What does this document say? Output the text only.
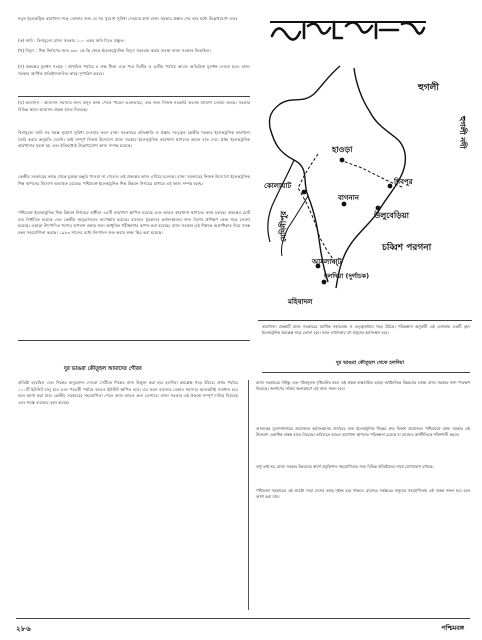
নতুন ইলেকট্রিক কারখানা গড়ে তোলার জন্য যে সব সুযোগ সুবিধা দেওয়ার কথা রাজ্য সরকার প্রস্তাব দেয় তার মধ্যে উল্লেখযোগ্য হলঃ
(ক) জমি : বিনামূল্যে রাজ্য সরকার ১০০ একর জমি দিতে প্রস্তুত।
(খ) বিদ্যুৎ : শিল্প নির্মাণের জন্য ৩৩০ কে ভি থেকে ইলেকট্রোনিক বিদ্যুৎ সরবরাহ করার ব্যবস্থা রাজ্য সরকার নিয়েছিল।
(গ) প্রকল্পের মূলধন সংগ্রহ : প্রাথমিক পর্যায়ে ৫ লক্ষ টাকা এবং পরে দ্বিতীয় ও তৃতীয় পর্যায়ে আরও অতিরিক্ত মূলধন দেওয়া হবে। রাজ্য সরকার আর্থিক প্রতিষ্ঠানগুলির কাছে সুপারিশ করবে।
পদ্মপুর পথ
হুগলী
হাওড়া
কোলাঘাট
বাগনান
শিবপুর
উলুবেড়িয়া
আমলাঘাট
হলদিয়া (দুর্গাচক)
মহিষাদল
চব্বিশ পরগনা
মেদিনীপুর
হুগলী নদী
(ঘ) আবাসন : আবাসন সমস্যার জন্য মানুষ কাজ পেতে পারেন এমনভাবে, তার জন্য নিজস্ব সরকারি অনেক জায়গা নেওয়া আছে। সরকার বিভিন্ন স্থানে আবাসন প্রকল্প হাতে নিয়েছে।
বিনামূল্যে জমি সহ সমস্ত সুযোগ সুবিধা দেওয়ার ফলে রাজ্য সরকারের প্রতিশ্রুতি ও প্রস্তাব সত্ত্বেও কেন্দ্রীয় সরকার ইলেকট্রনিক কারখানা তৈরি করার অনুমতি দেয়নি। তাই সম্পূর্ণ নিজস্ব উদ্যোগে রাজ্য সরকার ইলেকট্রনিক কারখানা স্থাপনের কাজে হাত দেয়। প্রথম ইলেকট্রনিক কারখানার সূচনা হয় এবং ইতিমধ্যেই উল্লেখযোগ্য কাজ সম্পন্ন হয়েছে।
কেন্দ্রীয় সরকারের কাছে থেকে চূড়ান্ত মঞ্জুরি পাওয়া না গেলেও এই প্রকল্পের কাজ এগিয়ে চলেছে। রাজ্য সরকারের নিজস্ব উদ্যোগে ইলেকট্রনিক শিল্প স্থাপনের উদ্যোগ অব্যাহত রয়েছে। পশ্চিমবঙ্গ ইলেকট্রনিক শিল্প উন্নয়ন নিগমের মাধ্যমে এই কাজ সম্পন্ন হচ্ছে।
পশ্চিমবঙ্গ ইলেকট্রনিক শিল্প উন্নয়ন নিগমের অধীনে ৪৫টি কারখানা স্থাপিত হয়েছে এবং আরও কারখানা স্থাপনের কাজ চলছে। প্রকল্পের মোট ব্যয় নির্ধারিত হয়েছে এবং কেন্দ্রীয় অনুমোদনের অপেক্ষায় রয়েছে। রাজ্যের যুবকদের কর্মসংস্থানের জন্য বিশেষ প্রশিক্ষণ কেন্দ্র গড়ে তোলা হয়েছে। এছাড়া উৎপাদিত পণ্যের গুণমান রক্ষার জন্য আধুনিক পরীক্ষাগার স্থাপন করা হয়েছে। রাজ্য সরকার এই শিল্পকে অগ্রাধিকার দিয়ে সমস্ত রকম সহযোগিতা করছে। ১৯৮৩ সালের মধ্যে উৎপাদন শুরু করার লক্ষ্য স্থির করা হয়েছে।
কারখানা। প্রকল্পটি রাজ্য সরকারের আর্থিক সহায়তায় ও তত্ত্বাবধানে গড়ে উঠছে। পরিকল্পনা অনুযায়ী এই এলাকায় একটি বৃহৎ ইলেকট্রনিক কমপ্লেক্স গড়ে তোলা হবে। ফলে এখানকার বহু মানুষের কর্মসংস্থান হবে।
দুর ভাঙরা কৌতূহল থেকে হলদিয়া
দুর ভাঙরা কৌতূহল আমাদের গৌরব
প্রতিষ্ঠা হয়েছিল এবং শিল্পের অনুমোদন দেওয়া সেটিকে শিল্পের জন্য উন্মুক্ত করা হয়। হলদিয়া কমপ্লেক্স গড়ে উঠবে। প্রথম পর্যায়ে ১০০টি ইউনিট চালু হবে এবং পরবর্তী পর্যায়ে আরও ইউনিট স্থাপিত হবে। এর ফলে রাজ্যের বেকার সমস্যার অনেকটাই সমাধান হবে বলে আশা করা যায়। কেন্দ্রীয় সরকারের সহযোগিতা পেলে কাজ আরও দ্রুত এগোবে। রাজ্য সরকার এই প্রকল্পে সম্পূর্ণ দায়িত্ব নিয়েছে এবং সমস্ত ব্যয়ভার বহন করছে।
রাজ্য সরকারের সহিষ্ণু এবং গঠনমূলক দৃষ্টিভঙ্গির ফলে এই প্রকল্প বাস্তবায়িত হচ্ছে। অর্থনৈতিক উন্নয়নের লক্ষ্যে রাজ্য সরকার নানা পদক্ষেপ নিয়েছে। জনগণের সক্রিয় অংশগ্রহণে এই কাজ সফল হবে।
আজকের যুবসম্প্রদায়ের প্রয়োজনে কর্মসংস্থানের প্রসারের জন্য ইলেকট্রনিক শিল্পের দ্রুত বিকাশ প্রয়োজন। পশ্চিমবঙ্গে রাজ্য সরকার এই উদ্দেশ্যে একাধিক প্রকল্প হাতে নিয়েছে। ভবিষ্যতে আরও কারখানা স্থাপনের পরিকল্পনা রয়েছে যা রাজ্যের অর্থনীতিকে শক্তিশালী করবে।
শুধু তাই নয়, রাজ্য সরকার উন্নয়নের স্বার্থে প্রযুক্তিগত সহযোগিতার জন্য বিভিন্ন প্রতিষ্ঠানের সাথে যোগাযোগ রাখছে।
পশ্চিমবঙ্গ সরকারের এই প্রচেষ্টা সারা দেশের কাছে দৃষ্টান্ত হয়ে থাকবে। রাজ্যের সর্বস্তরের মানুষের সহযোগিতায় এই প্রকল্প সফল হবে বলে আশা করা যায়।
২৮৬	পশ্চিমবঙ্গ
